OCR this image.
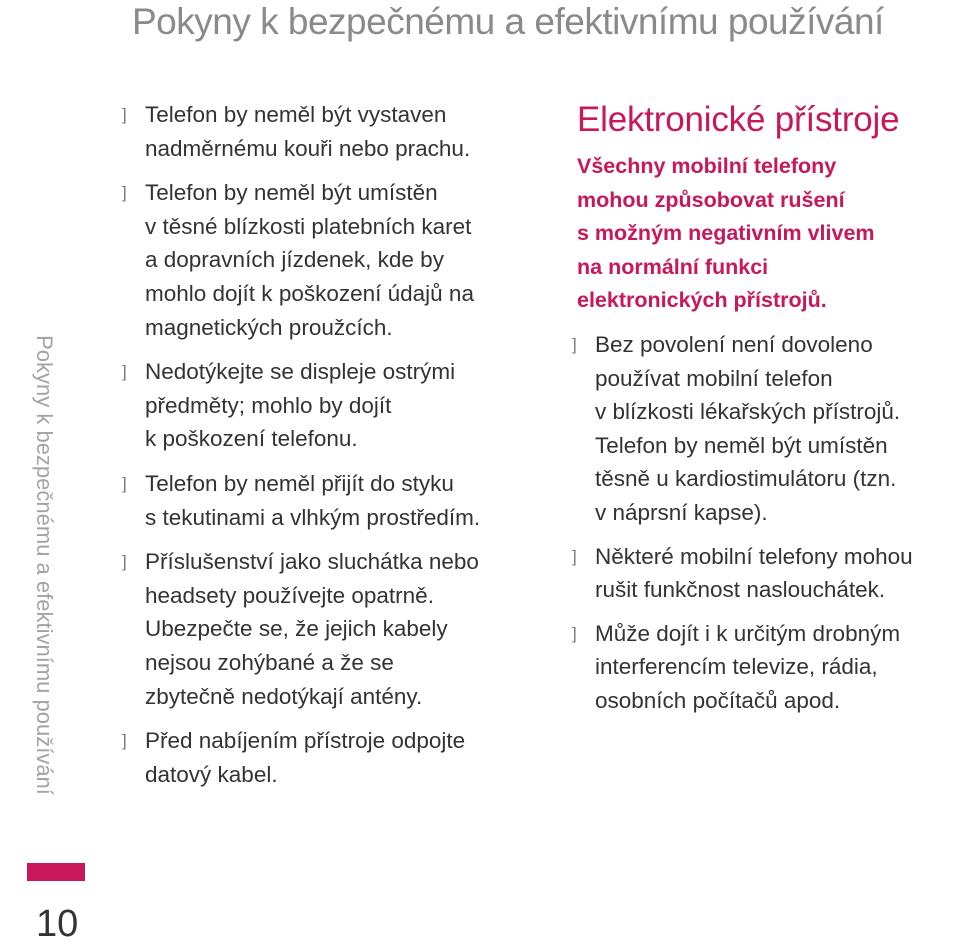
Pokyny k bezpečnému a efektivnímu používání
Pokyny k bezpečnému a efektivnímu používání
10
] Telefon by neměl být vystaven
nadměrnému kouři nebo prachu.
] Telefon by neměl být umístěn
v těsné blízkosti platebních karet
a dopravních jízdenek, kde by
mohlo dojít k poškození údajů na
magnetických proužcích.
] Nedotýkejte se displeje ostrými
předměty; mohlo by dojít
k poškození telefonu.
] Telefon by neměl přijít do styku
s tekutinami a vlhkým prostředím.
] Příslušenství jako sluchátka nebo
headsety používejte opatrně.
Ubezpečte se, že jejich kabely
nejsou zohýbané a že se
zbytečně nedotýkají antény.
] Před nabíjením přístroje odpojte
datový kabel.
Elektronické přístroje
Všechny mobilní telefony
mohou způsobovat rušení
s možným negativním vlivem
na normální funkci
elektronických přístrojů.
] Bez povolení není dovoleno
používat mobilní telefon
v blízkosti lékařských přístrojů.
Telefon by neměl být umístěn
těsně u kardiostimulátoru (tzn.
v náprsní kapse).
] Některé mobilní telefony mohou
rušit funkčnost naslouchátek.
] Může dojít i k určitým drobným
interferencím televize, rádia,
osobních počítačů apod.
